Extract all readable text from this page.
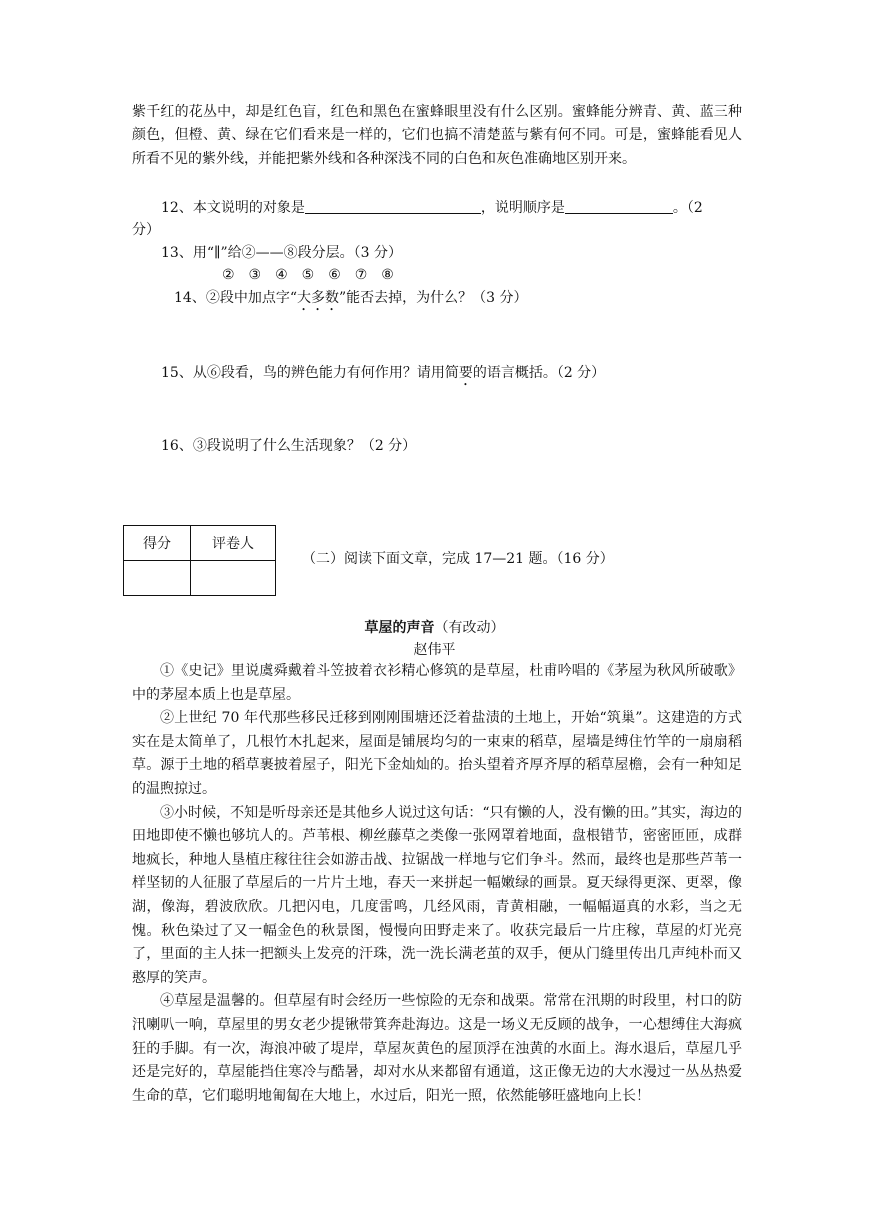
紫千红的花丛中，却是红色盲，红色和黑色在蜜蜂眼里没有什么区别。蜜蜂能分辨青、黄、蓝三种颜色，但橙、黄、绿在它们看来是一样的，它们也搞不清楚蓝与紫有何不同。可是，蜜蜂能看见人所看不见的紫外线，并能把紫外线和各种深浅不同的白色和灰色准确地区别开来。

12、本文说明的对象是	，说明顺序是	。（2
分）
13、用“∥”给②——⑧段分层。（3 分）
②　③　④　⑤　⑥　⑦　⑧
14、②段中加点字“大多数”能否去掉，为什么？（3 分）
15、从⑥段看，鸟的辨色能力有何作用？请用简要的语言概括。（2 分）
16、③段说明了什么生活现象？（2 分）
得分	评卷人

（二）阅读下面文章，完成 17—21 题。（16 分）
草屋的声音（有改动）
赵伟平

①《史记》里说虞舜戴着斗笠披着衣衫精心修筑的是草屋，杜甫吟唱的《茅屋为秋风所破歌》中的茅屋本质上也是草屋。

②上世纪 70 年代那些移民迁移到刚刚围塘还泛着盐渍的土地上，开始“筑巢”。这建造的方式实在是太简单了，几根竹木扎起来，屋面是铺展均匀的一束束的稻草，屋墙是缚住竹竿的一扇扇稻草。源于土地的稻草裹披着屋子，阳光下金灿灿的。抬头望着齐厚齐厚的稻草屋檐，会有一种知足的温煦掠过。

③小时候，不知是听母亲还是其他乡人说过这句话：“只有懒的人，没有懒的田。”其实，海边的田地即使不懒也够坑人的。芦苇根、柳丝藤草之类像一张网罩着地面，盘根错节，密密匝匝，成群地疯长，种地人垦植庄稼往往会如游击战、拉锯战一样地与它们争斗。然而，最终也是那些芦苇一样坚韧的人征服了草屋后的一片片土地，春天一来拼起一幅嫩绿的画景。夏天绿得更深、更翠，像湖，像海，碧波欣欣。几把闪电，几度雷鸣，几经风雨，青黄相融，一幅幅逼真的水彩，当之无愧。秋色染过了又一幅金色的秋景图，慢慢向田野走来了。收获完最后一片庄稼，草屋的灯光亮了，里面的主人抹一把额头上发亮的汗珠，洗一洗长满老茧的双手，便从门缝里传出几声纯朴而又憨厚的笑声。

④草屋是温馨的。但草屋有时会经历一些惊险的无奈和战栗。常常在汛期的时段里，村口的防汛喇叭一响，草屋里的男女老少提锹带箕奔赴海边。这是一场义无反顾的战争，一心想缚住大海疯狂的手脚。有一次，海浪冲破了堤岸，草屋灰黄色的屋顶浮在浊黄的水面上。海水退后，草屋几乎还是完好的，草屋能挡住寒冷与酷暑，却对水从来都留有通道，这正像无边的大水漫过一丛丛热爱生命的草，它们聪明地匍匐在大地上，水过后，阳光一照，依然能够旺盛地向上长！
